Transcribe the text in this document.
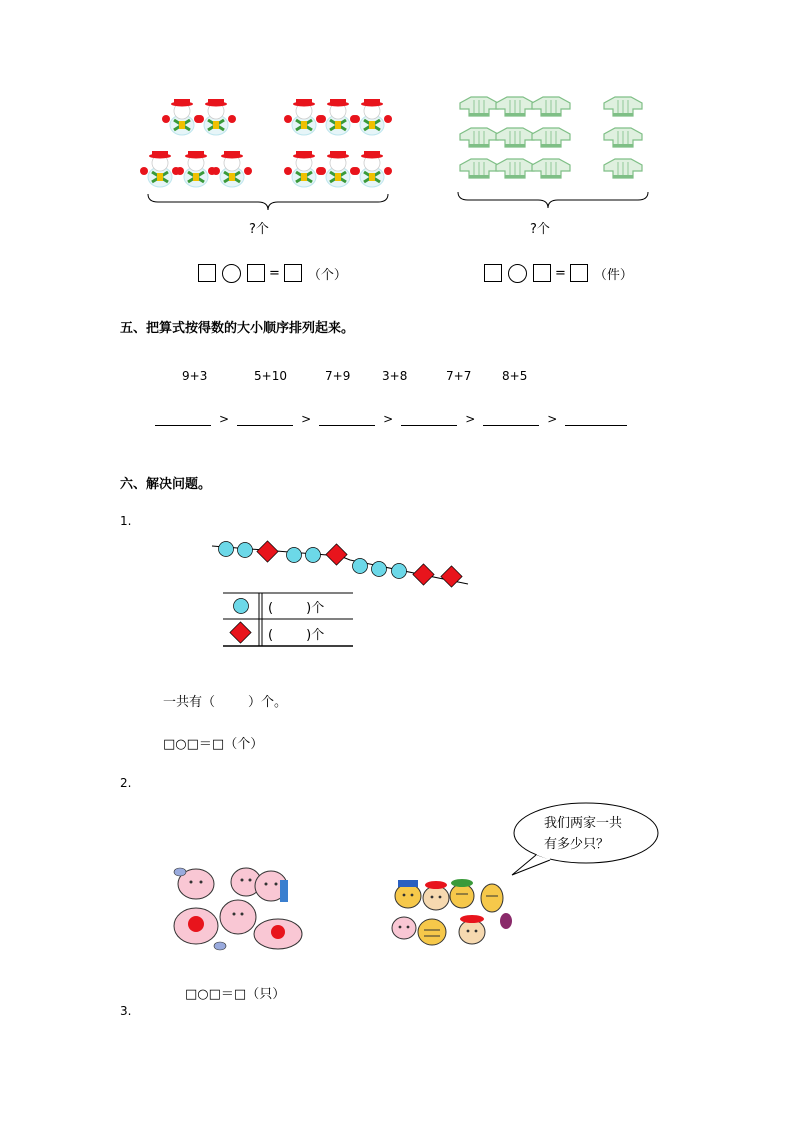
?个	?个
= （个）	= （件）
五、把算式按得数的大小顺序排列起来。
9+3	5+10	7+9	3+8	7+7	8+5
>	>	>	>	>
六、解决问题。
1.
(        )个
(        )个
一共有（        ）个。
□○□＝□（个）
2.
我们两家一共
有多少只？
□○□＝□（只）
3.
